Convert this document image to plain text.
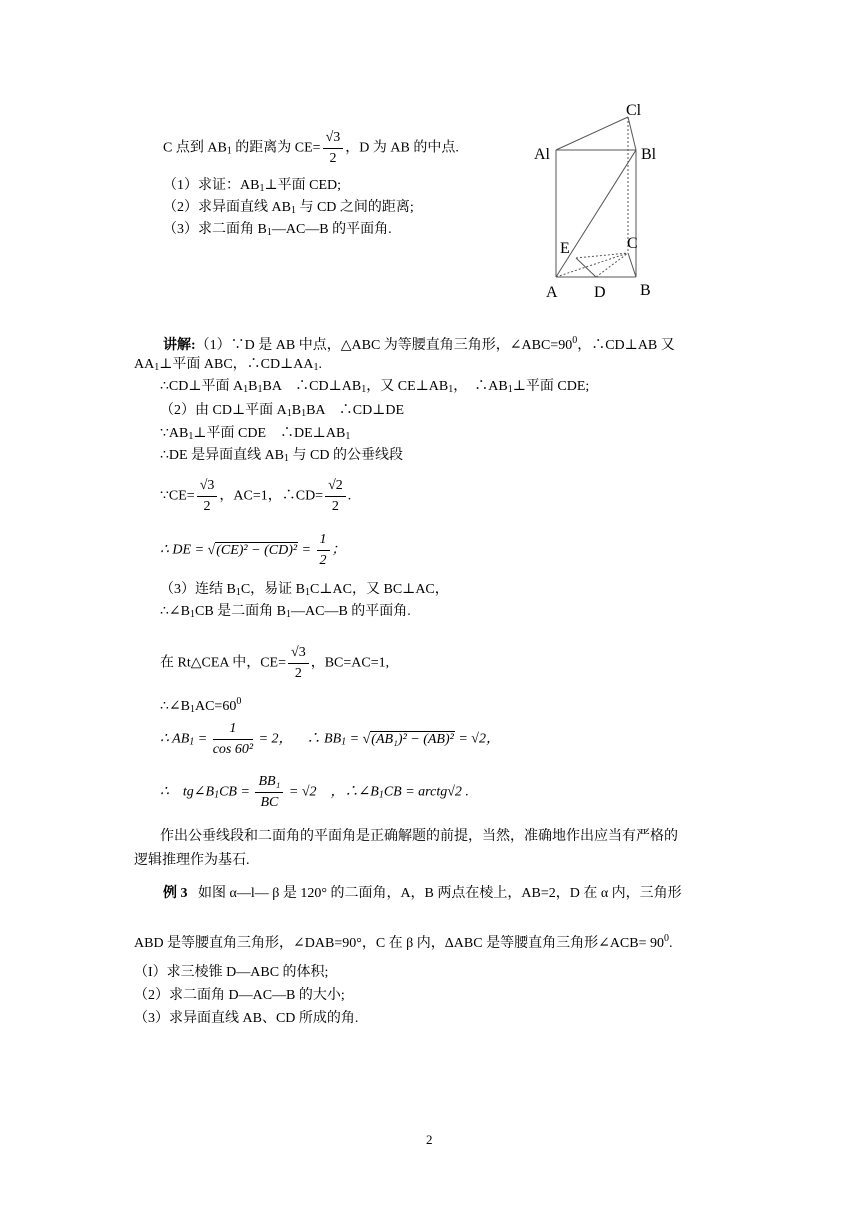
C 点到 $AB_1$ 的距离为 $CE= \frac{√3}{2}$ ，D 为 AB 的中点.
（1）求证：$AB_1\perp$平面 CED;
（2）求异面直线 $AB_1$ 与 CD 之间的距离;
（3）求二面角 $B_1—AC—B$ 的平面角.
Cl
Al	Bl
E	C
A D B
讲解:（1）∵D 是 AB 中点，△ABC 为等腰直角三角形，$\angle ABC=90^0$，∴CD⊥AB 又
$AA_1\perp$平面 ABC，$\therefore CD\perp AA_1$.
∴CD⊥平面 $A_1B_1BA$　$\therefore CD\perp AB_1$，又 $CE\perp AB_1$，　$\therefore AB_1\perp$平面 CDE;
（2）由 CD⊥平面 $A_1B_1BA$　∴CD⊥DE
$\because AB_1\perp$平面 CDE　$\therefore DE\perp AB_1$
∴DE 是异面直线 $AB_1$ 与 CD 的公垂线段
∵CE= $\frac{√3}{2}$ ，AC=1，∴CD= $\frac{√2}{2}$ .
∴ DE = $√(CE)^2 - (CD)^2 = \frac{1}{2}$ ；
（3）连结 $B_1C$，易证 $B_1C\perp AC$，又 BC⊥AC，
$\therefore\angle B_1CB$ 是二面角 $B_1—AC—B$ 的平面角.
在 Rt△CEA 中，$CE= \frac{√3}{2}$ ，BC=AC=1,
$\therefore\angle B_1AC=60^0$
∴ $AB_1 = \frac{1}{\text{cos 60²}} = 2$， ∴ $BB_1 = √(AB_1)^2 - (AB)^2 = √2$，
∴　$tg\angle B_1CB = \frac{\text{BB₁}}{BC} = √2$　，$\therefore\angle B_1CB$ = arctg√2 .
作出公垂线段和二面角的平面角是正确解题的前提，当然，准确地作出应当有严格的
逻辑推理作为基石.
例 3 如图 α—l— β 是 120° 的二面角，A，B 两点在棱上，AB=2，D 在 α 内，三角形
ABD 是等腰直角三角形，∠DAB=90°，C 在 β 内，ΔABC 是等腰直角三角形∠ACB= $90^0$.
（I）求三棱锥 D—ABC 的体积;
（2）求二面角 D—AC—B 的大小;
（3）求异面直线 AB、CD 所成的角.
2
